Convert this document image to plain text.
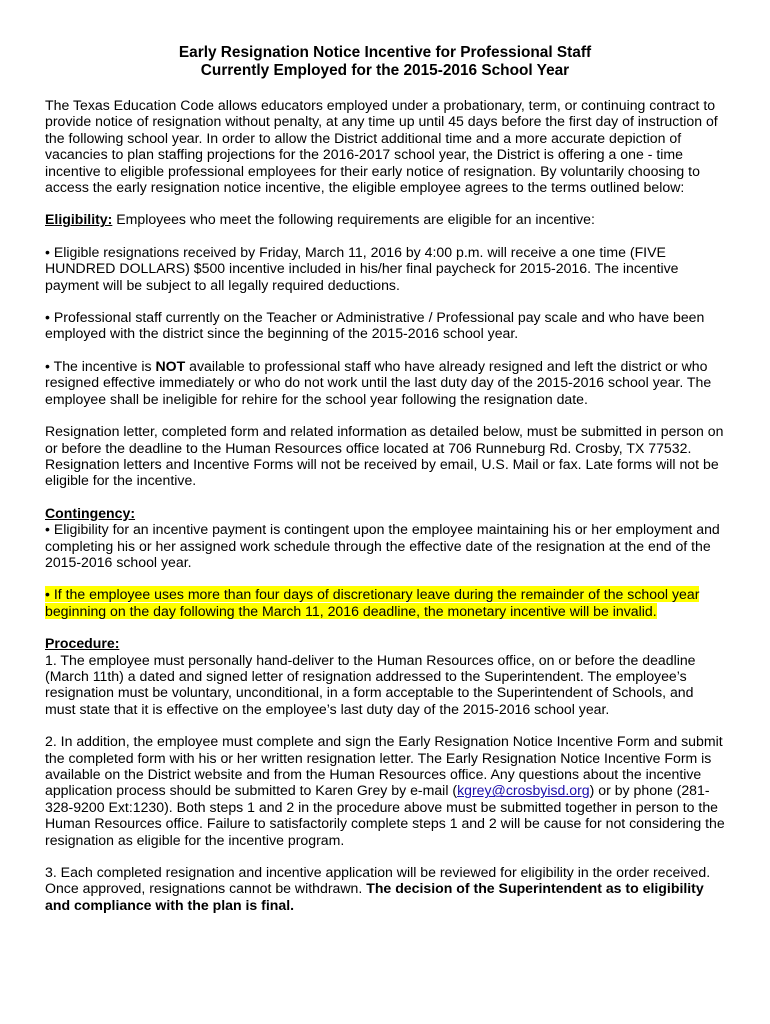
Early Resignation Notice Incentive for Professional Staff
Currently Employed for the 2015-2016 School Year

The Texas Education Code allows educators employed under a probationary, term, or continuing contract to provide notice of resignation without penalty, at any time up until 45 days before the first day of instruction of the following school year. In order to allow the District additional time and a more accurate depiction of vacancies to plan staffing projections for the 2016-2017 school year, the District is offering a one - time incentive to eligible professional employees for their early notice of resignation. By voluntarily choosing to access the early resignation notice incentive, the eligible employee agrees to the terms outlined below:

Eligibility: Employees who meet the following requirements are eligible for an incentive:

• Eligible resignations received by Friday, March 11, 2016 by 4:00 p.m. will receive a one time (FIVE HUNDRED DOLLARS) $500 incentive included in his/her final paycheck for 2015-2016. The incentive payment will be subject to all legally required deductions.

• Professional staff currently on the Teacher or Administrative / Professional pay scale and who have been employed with the district since the beginning of the 2015-2016 school year.

• The incentive is NOT available to professional staff who have already resigned and left the district or who resigned effective immediately or who do not work until the last duty day of the 2015-2016 school year. The employee shall be ineligible for rehire for the school year following the resignation date.

Resignation letter, completed form and related information as detailed below, must be submitted in person on or before the deadline to the Human Resources office located at 706 Runneburg Rd. Crosby, TX 77532. Resignation letters and Incentive Forms will not be received by email, U.S. Mail or fax. Late forms will not be eligible for the incentive.

Contingency:
• Eligibility for an incentive payment is contingent upon the employee maintaining his or her employment and completing his or her assigned work schedule through the effective date of the resignation at the end of the 2015-2016 school year.

• If the employee uses more than four days of discretionary leave during the remainder of the school year beginning on the day following the March 11, 2016 deadline, the monetary incentive will be invalid.

Procedure:
1. The employee must personally hand-deliver to the Human Resources office, on or before the deadline (March 11th) a dated and signed letter of resignation addressed to the Superintendent. The employee’s resignation must be voluntary, unconditional, in a form acceptable to the Superintendent of Schools, and must state that it is effective on the employee’s last duty day of the 2015-2016 school year.

2. In addition, the employee must complete and sign the Early Resignation Notice Incentive Form and submit the completed form with his or her written resignation letter. The Early Resignation Notice Incentive Form is available on the District website and from the Human Resources office. Any questions about the incentive application process should be submitted to Karen Grey by e-mail (kgrey@crosbyisd.org) or by phone (281-328-9200 Ext:1230). Both steps 1 and 2 in the procedure above must be submitted together in person to the Human Resources office. Failure to satisfactorily complete steps 1 and 2 will be cause for not considering the resignation as eligible for the incentive program.

3. Each completed resignation and incentive application will be reviewed for eligibility in the order received. Once approved, resignations cannot be withdrawn. The decision of the Superintendent as to eligibility and compliance with the plan is final.
